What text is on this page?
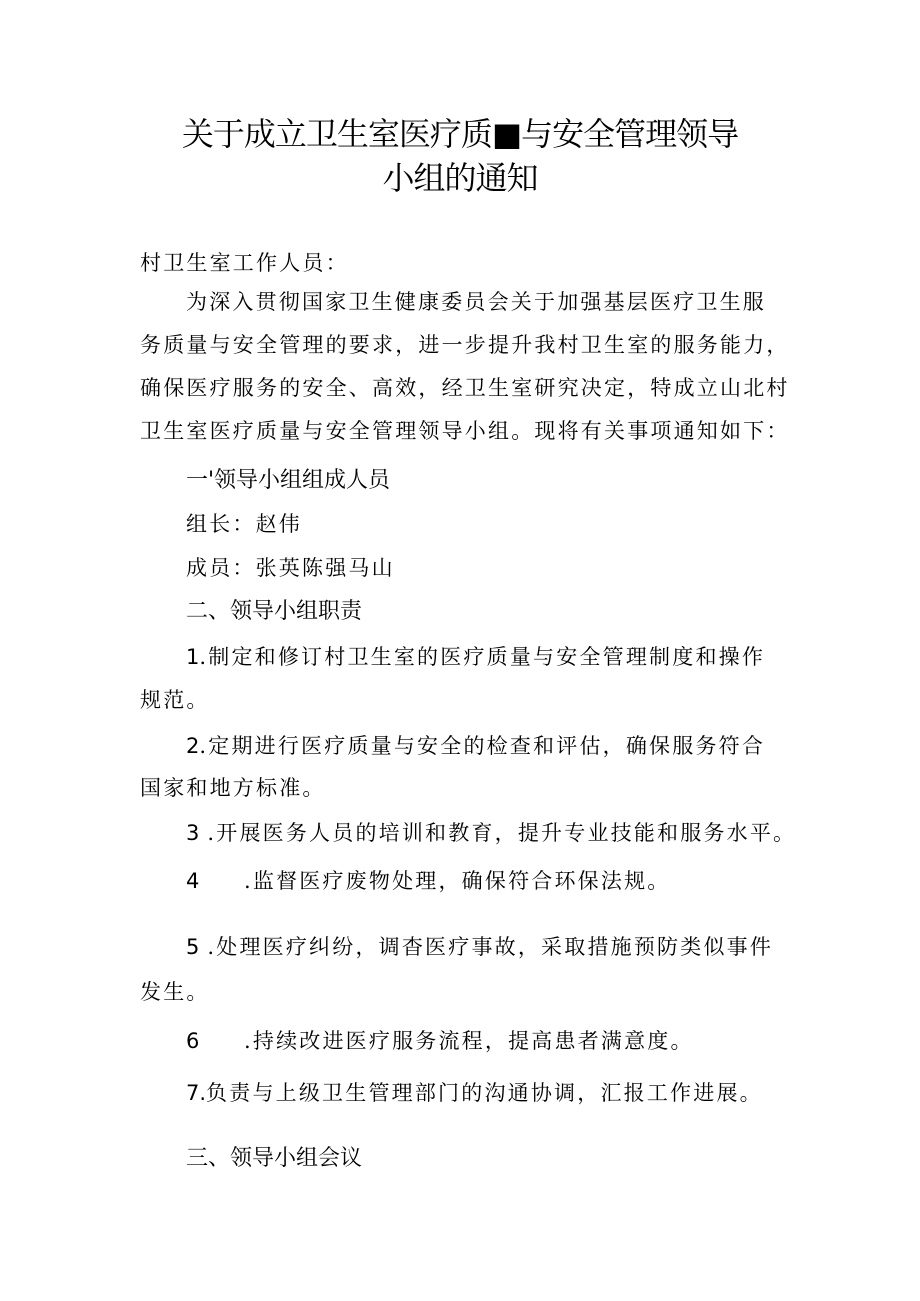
关于成立卫生室医疗质■与安全管理领导
小组的通知
村卫生室工作人员：
为深入贯彻国家卫生健康委员会关于加强基层医疗卫生服
务质量与安全管理的要求，进一步提升我村卫生室的服务能力，
确保医疗服务的安全、高效，经卫生室研究决定，特成立山北村
卫生室医疗质量与安全管理领导小组。现将有关事项通知如下：
一'领导小组组成人员
组长：赵伟
成员：张英陈强马山
二、领导小组职责
1.制定和修订村卫生室的医疗质量与安全管理制度和操作
规范。
2.定期进行医疗质量与安全的检查和评估，确保服务符合
国家和地方标准。
3 .开展医务人员的培训和教育，提升专业技能和服务水平。
4 .监督医疗废物处理，确保符合环保法规。
5 .处理医疗纠纷，调杳医疗事故，采取措施预防类似事件
发生。
6 .持续改进医疗服务流程，提高患者满意度。
7.负责与上级卫生管理部门的沟通协调，汇报工作进展。
三、领导小组会议
